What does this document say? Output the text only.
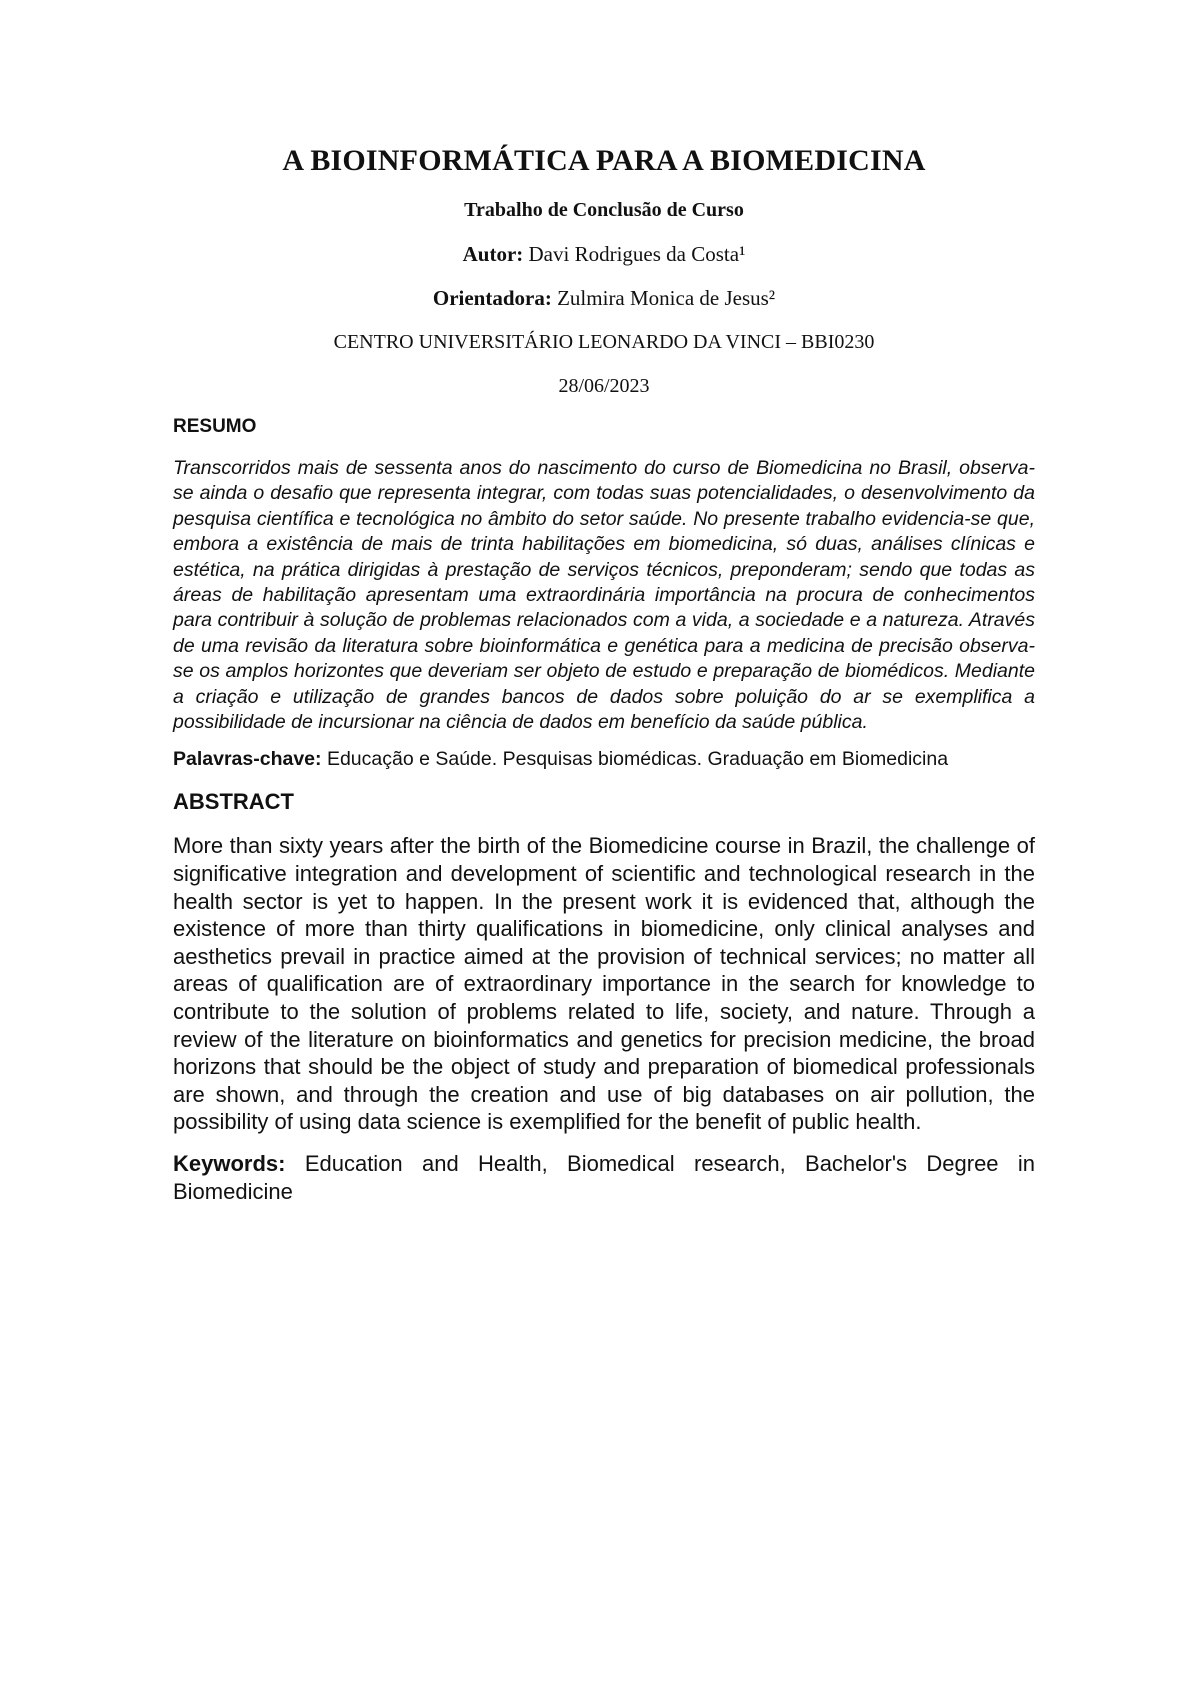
A BIOINFORMÁTICA PARA A BIOMEDICINA
Trabalho de Conclusão de Curso
Autor: Davi Rodrigues da Costa¹
Orientadora: Zulmira Monica de Jesus²
CENTRO UNIVERSITÁRIO LEONARDO DA VINCI – BBI0230
28/06/2023
RESUMO

Transcorridos mais de sessenta anos do nascimento do curso de Biomedicina no Brasil, observa-se ainda o desafio que representa integrar, com todas suas potencialidades, o desenvolvimento da pesquisa científica e tecnológica no âmbito do setor saúde. No presente trabalho evidencia-se que, embora a existência de mais de trinta habilitações em biomedicina, só duas, análises clínicas e estética, na prática dirigidas à prestação de serviços técnicos, preponderam; sendo que todas as áreas de habilitação apresentam uma extraordinária importância na procura de conhecimentos para contribuir à solução de problemas relacionados com a vida, a sociedade e a natureza. Através de uma revisão da literatura sobre bioinformática e genética para a medicina de precisão observa-se os amplos horizontes que deveriam ser objeto de estudo e preparação de biomédicos. Mediante a criação e utilização de grandes bancos de dados sobre poluição do ar se exemplifica a possibilidade de incursionar na ciência de dados em benefício da saúde pública.

Palavras-chave: Educação e Saúde. Pesquisas biomédicas. Graduação em Biomedicina

ABSTRACT

More than sixty years after the birth of the Biomedicine course in Brazil, the challenge of significative integration and development of scientific and technological research in the health sector is yet to happen. In the present work it is evidenced that, although the existence of more than thirty qualifications in biomedicine, only clinical analyses and aesthetics prevail in practice aimed at the provision of technical services; no matter all areas of qualification are of extraordinary importance in the search for knowledge to contribute to the solution of problems related to life, society, and nature. Through a review of the literature on bioinformatics and genetics for precision medicine, the broad horizons that should be the object of study and preparation of biomedical professionals are shown, and through the creation and use of big databases on air pollution, the possibility of using data science is exemplified for the benefit of public health.

Keywords: Education and Health, Biomedical research, Bachelor's Degree in Biomedicine
